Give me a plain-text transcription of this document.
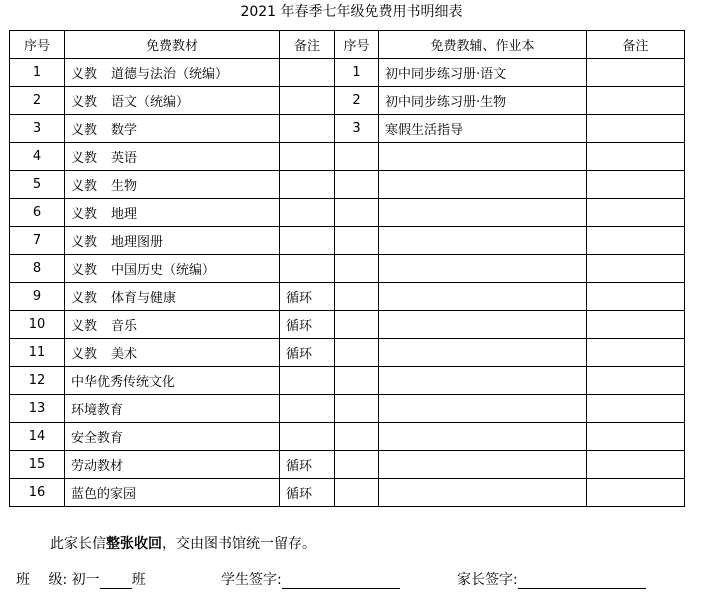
2021 年春季七年级免费用书明细表
序号	免费教材	备注	序号	免费教辅、作业本	备注
1	义教 道德与法治（统编）		1	初中同步练习册·语文	
2	义教 语文（统编）		2	初中同步练习册·生物	
3	义教 数学		3	寒假生活指导	
4	义教 英语				
5	义教 生物				
6	义教 地理				
7	义教 地理图册				
8	义教 中国历史（统编）				
9	义教 体育与健康	循环			
10	义教 音乐	循环			
11	义教 美术	循环			
12	中华优秀传统文化				
13	环境教育				
14	安全教育				
15	劳动教材	循环			
16	蓝色的家园	循环			
此家长信整张收回，交由图书馆统一留存。
班　 级: 初一 班	学生签字:	家长签字:
